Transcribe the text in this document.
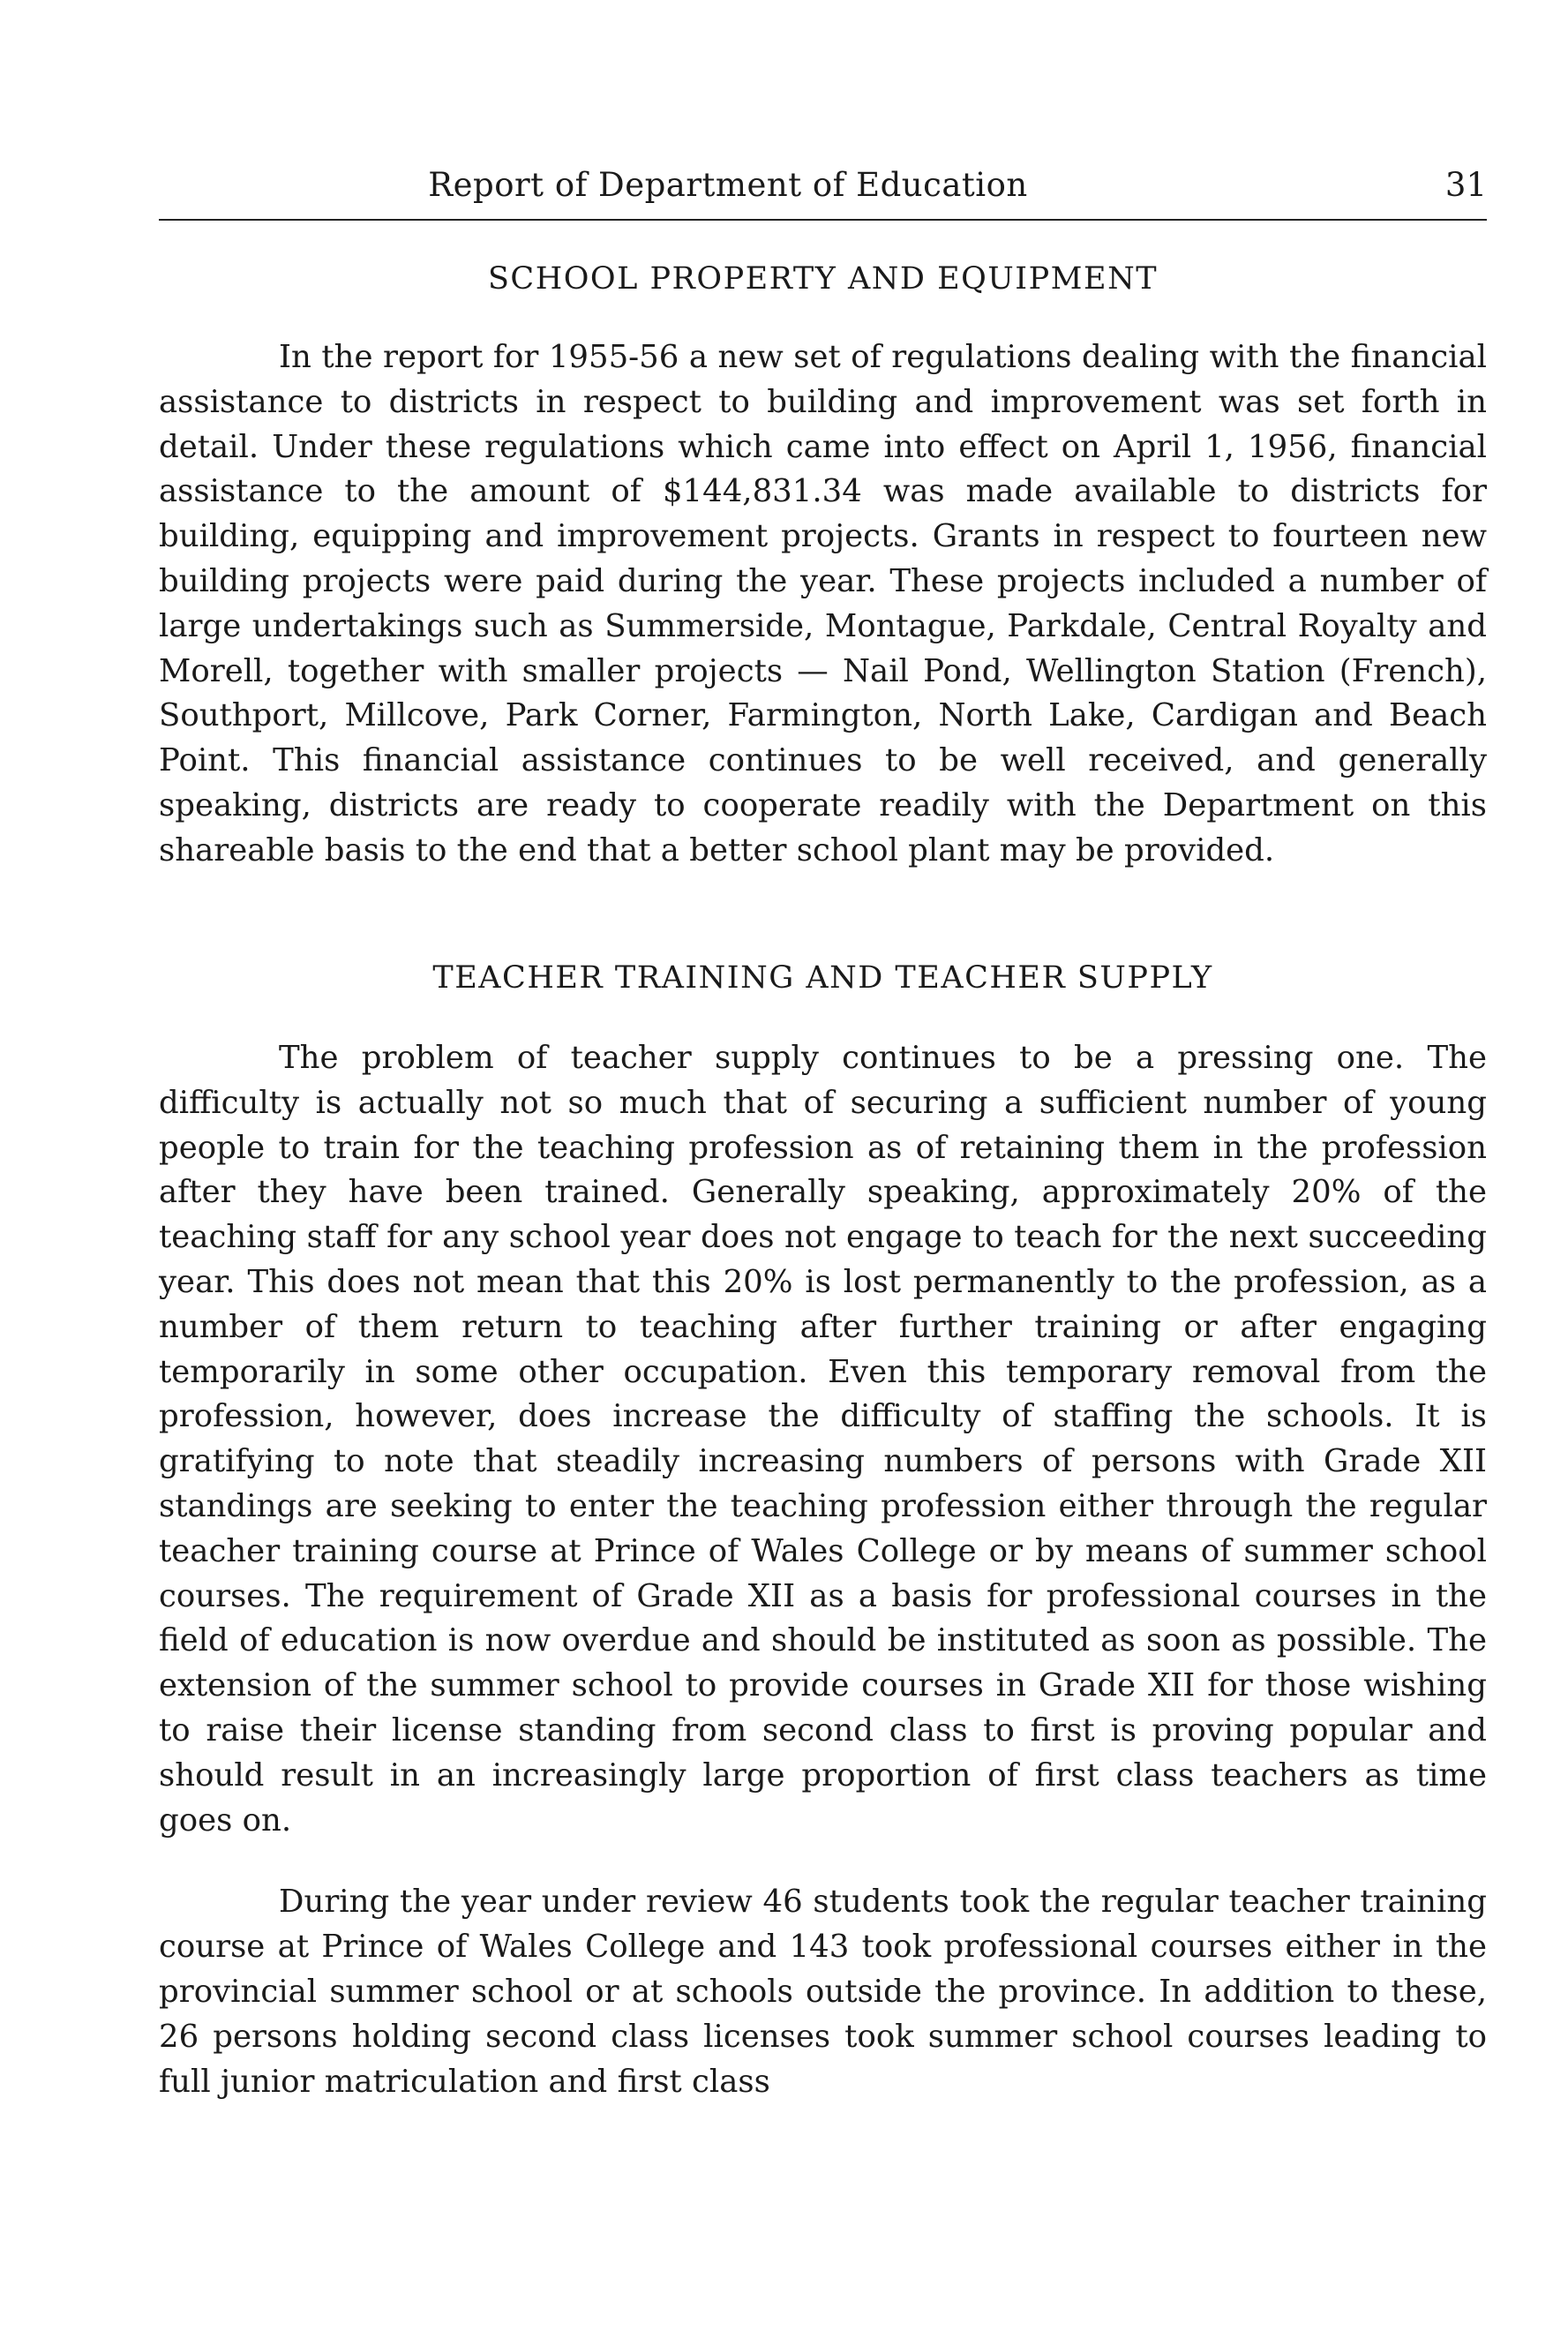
Report of Department of Education	31
SCHOOL PROPERTY AND EQUIPMENT

In the report for 1955-56 a new set of regulations dealing with the financial assistance to districts in respect to building and improvement was set forth in detail. Under these regulations which came into effect on April 1, 1956, financial assistance to the amount of $144,831.34 was made available to districts for building, equipping and improvement projects. Grants in respect to fourteen new building projects were paid during the year. These projects included a number of large undertakings such as Summerside, Montague, Parkdale, Central Royalty and Morell, together with smaller projects — Nail Pond, Wellington Station (French), Southport, Millcove, Park Corner, Farmington, North Lake, Cardigan and Beach Point. This financial assistance continues to be well received, and generally speaking, districts are ready to cooperate readily with the Department on this shareable basis to the end that a better school plant may be provided.

TEACHER TRAINING AND TEACHER SUPPLY

The problem of teacher supply continues to be a pressing one. The difficulty is actually not so much that of securing a sufficient number of young people to train for the teaching profession as of retaining them in the profession after they have been trained. Generally speaking, approximately 20% of the teaching staff for any school year does not engage to teach for the next succeeding year. This does not mean that this 20% is lost permanently to the profession, as a number of them return to teaching after further training or after engaging temporarily in some other occupation. Even this temporary removal from the profession, however, does increase the difficulty of staffing the schools. It is gratifying to note that steadily increasing numbers of persons with Grade XII standings are seeking to enter the teaching profession either through the regular teacher training course at Prince of Wales College or by means of summer school courses. The requirement of Grade XII as a basis for professional courses in the field of education is now overdue and should be instituted as soon as possible. The extension of the summer school to provide courses in Grade XII for those wishing to raise their license standing from second class to first is proving popular and should result in an increasingly large proportion of first class teachers as time goes on.

During the year under review 46 students took the regular teacher training course at Prince of Wales College and 143 took professional courses either in the provincial summer school or at schools outside the province. In addition to these, 26 persons holding second class licenses took summer school courses leading to full junior matriculation and first class
